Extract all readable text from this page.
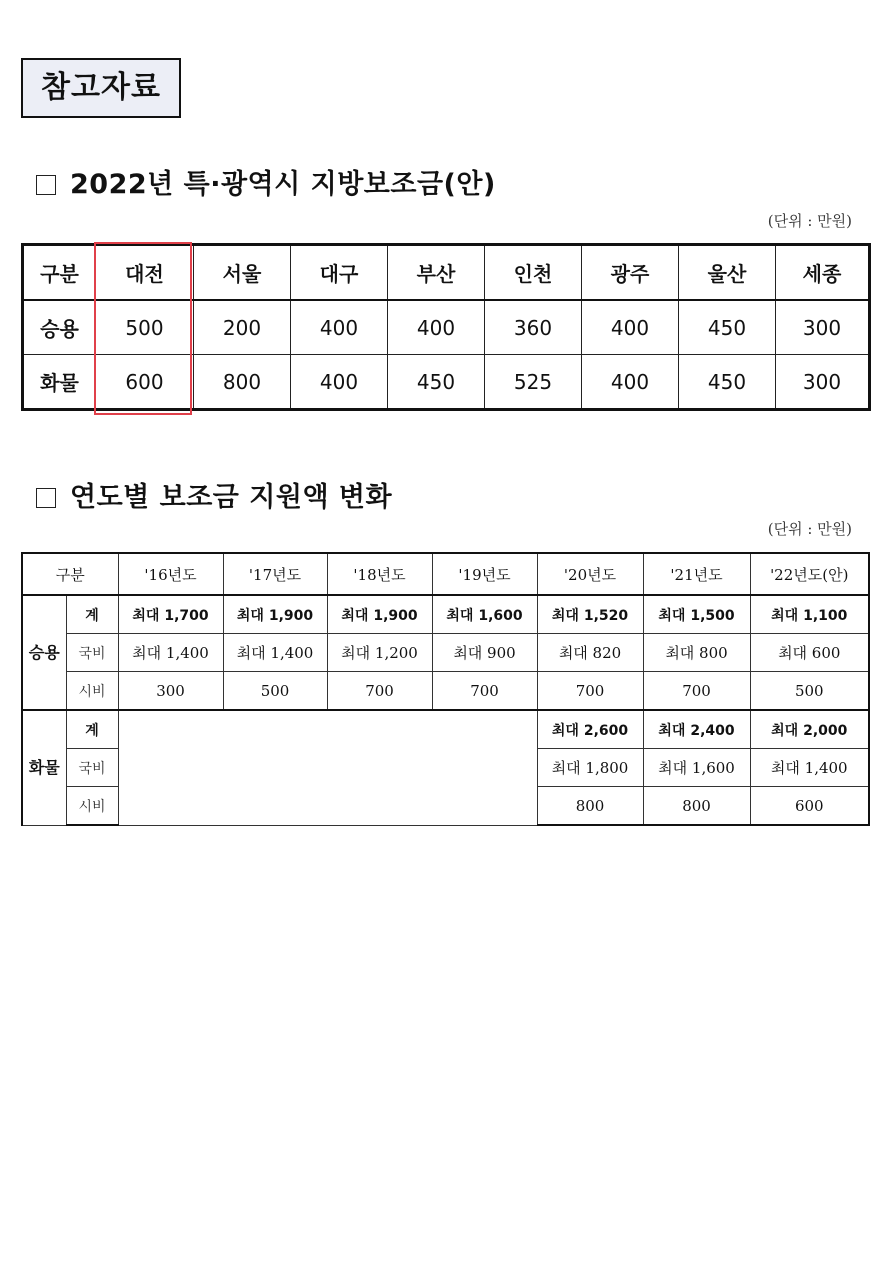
참고자료
2022년 특·광역시 지방보조금(안)
(단위 : 만원)
구분	대전	서울	대구	부산	인천	광주	울산	세종
승용	500	200	400	400	360	400	450	300
화물	600	800	400	450	525	400	450	300
연도별 보조금 지원액 변화
(단위 : 만원)
구분		'16년도	'17년도	'18년도	'19년도	'20년도	'21년도	'22년도(안)
승용	계	최대 1,700	최대 1,900	최대 1,900	최대 1,600	최대 1,520	최대 1,500	최대 1,100
	국비	최대 1,400	최대 1,400	최대 1,200	최대 900	최대 820	최대 800	최대 600
	시비	300	500	700	700	700	700	500
화물	계					최대 2,600	최대 2,400	최대 2,000
	국비					최대 1,800	최대 1,600	최대 1,400
	시비					800	800	600
